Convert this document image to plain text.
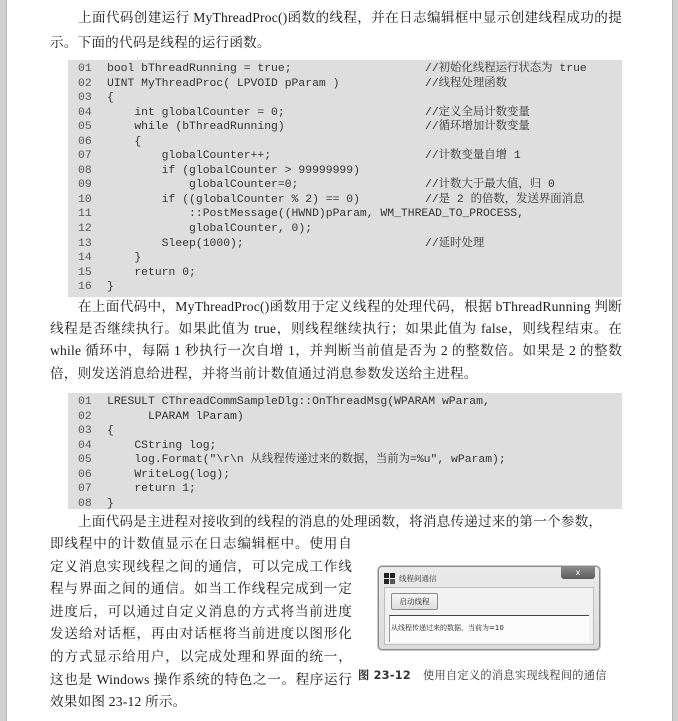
上面代码创建运行 MyThreadProc()函数的线程，并在日志编辑框中显示创建线程成功的提示。下面的代码是线程的运行函数。

01	bool bThreadRunning = true;	//初始化线程运行状态为 true
02	UINT MyThreadProc( LPVOID pParam )	//线程处理函数
03	{
04	int globalCounter = 0;	//定义全局计数变量
05	while (bThreadRunning)	//循环增加计数变量
06	{
07	globalCounter++;	//计数变量自增 1
08	if (globalCounter > 99999999)
09	globalCounter=0;	//计数大于最大值，归 0
10	if ((globalCounter % 2) == 0)	//是 2 的倍数，发送界面消息
11	::PostMessage((HWND)pParam, WM_THREAD_TO_PROCESS,
12	globalCounter, 0);
13	Sleep(1000);	//延时处理
14	}
15	return 0;
16	}

在上面代码中，MyThreadProc()函数用于定义线程的处理代码，根据 bThreadRunning 判断线程是否继续执行。如果此值为 true，则线程继续执行；如果此值为 false，则线程结束。在 while 循环中，每隔 1 秒执行一次自增 1，并判断当前值是否为 2 的整数倍。如果是 2 的整数倍，则发送消息给进程，并将当前计数值通过消息参数发送给主进程。

01	LRESULT CThreadCommSampleDlg::OnThreadMsg(WPARAM wParam,
02	LPARAM lParam)
03	{
04	CString log;
05	log.Format("\r\n 从线程传递过来的数据，当前为=%u", wParam);
06	WriteLog(log);
07	return 1;
08	}

上面代码是主进程对接收到的线程的消息的处理函数，将消息传递过来的第一个参数，

即线程中的计数值显示在日志编辑框中。使用自定义消息实现线程之间的通信，可以完成工作线程与界面之间的通信。如当工作线程完成到一定进度后，可以通过自定义消息的方式将当前进度发送给对话框，再由对话框将当前进度以图形化的方式显示给用户，以完成处理和界面的统一，这也是 Windows 操作系统的特色之一。程序运行效果如图 23-12 所示。

线程间通信
x
启动线程
从线程传递过来的数据，当前为=10
图 23-12 使用自定义的消息实现线程间的通信
